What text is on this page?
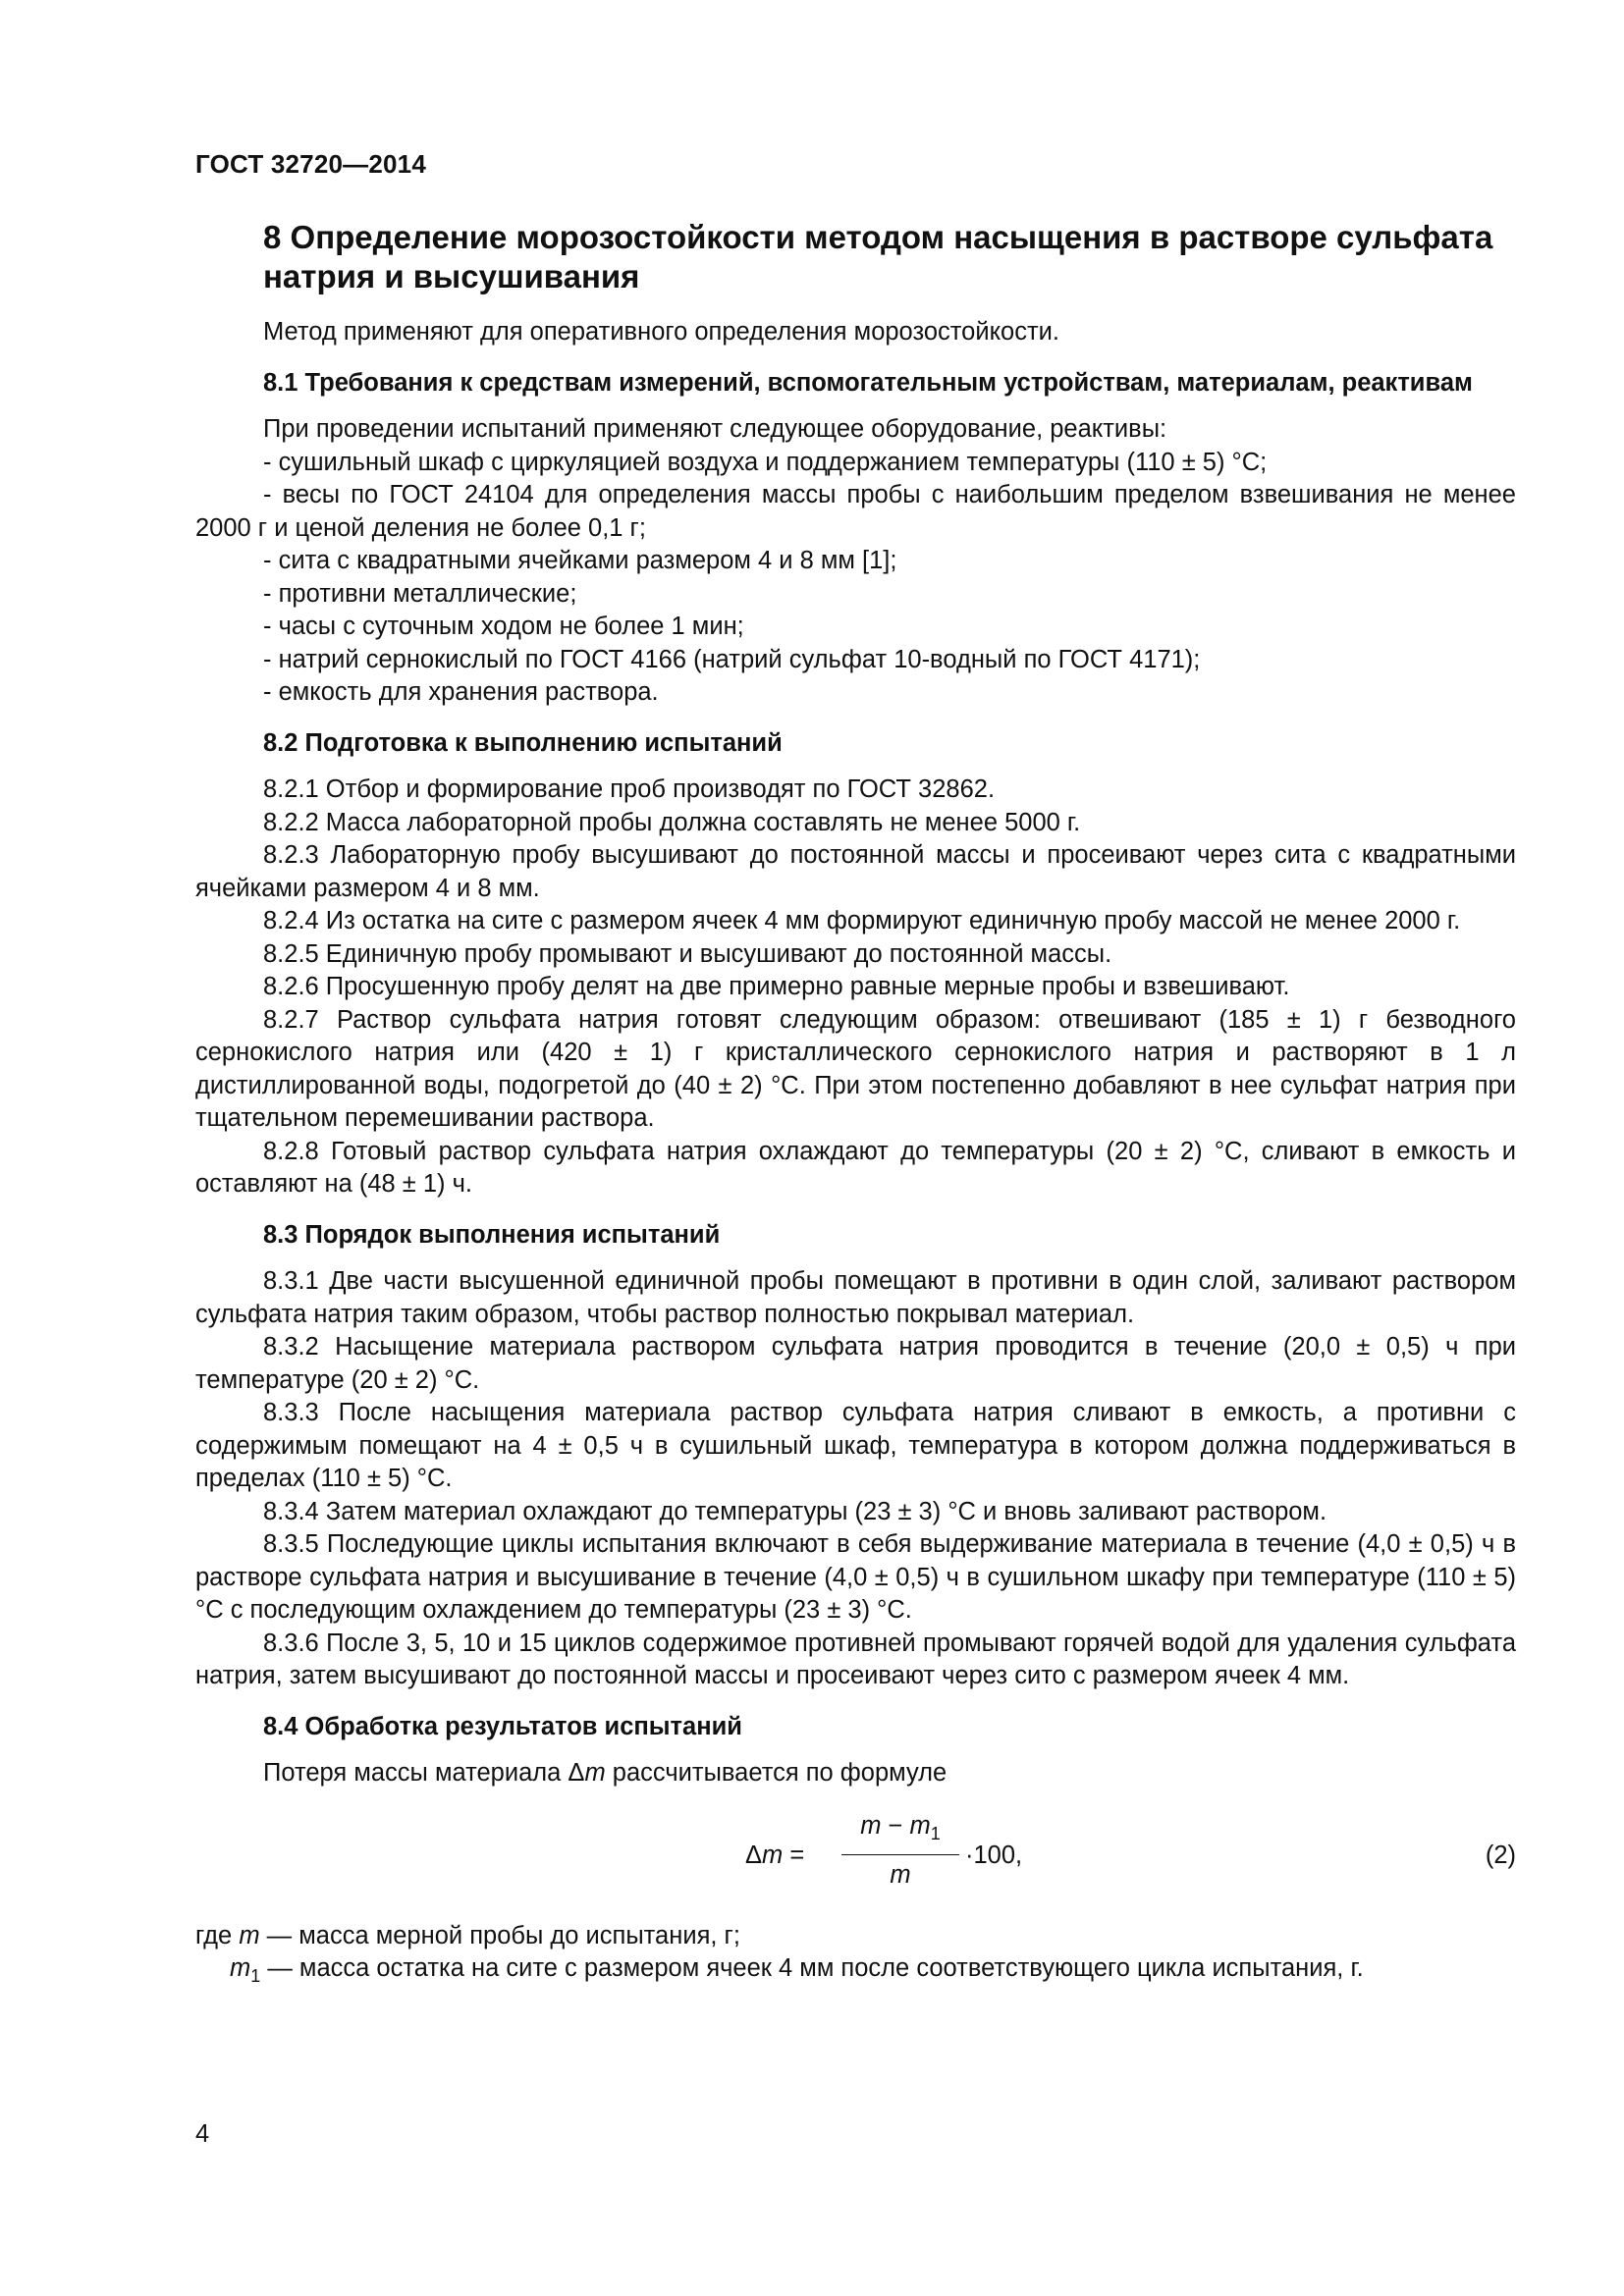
ГОСТ 32720—2014
8 Определение морозостойкости методом насыщения в растворе сульфата натрия и высушивания

Метод применяют для оперативного определения морозостойкости.

8.1 Требования к средствам измерений, вспомогательным устройствам, материалам, реактивам

При проведении испытаний применяют следующее оборудование, реактивы:

- сушильный шкаф с циркуляцией воздуха и поддержанием температуры (110 ± 5) °С;

- весы по ГОСТ 24104 для определения массы пробы с наибольшим пределом взвешивания не менее 2000 г и ценой деления не более 0,1 г;

- сита с квадратными ячейками размером 4 и 8 мм [1];

- противни металлические;

- часы с суточным ходом не более 1 мин;

- натрий сернокислый по ГОСТ 4166 (натрий сульфат 10-водный по ГОСТ 4171);

- емкость для хранения раствора.

8.2 Подготовка к выполнению испытаний

8.2.1 Отбор и формирование проб производят по ГОСТ 32862.

8.2.2 Масса лабораторной пробы должна составлять не менее 5000 г.

8.2.3 Лабораторную пробу высушивают до постоянной массы и просеивают через сита с квадратными ячейками размером 4 и 8 мм.

8.2.4 Из остатка на сите с размером ячеек 4 мм формируют единичную пробу массой не менее 2000 г.

8.2.5 Единичную пробу промывают и высушивают до постоянной массы.

8.2.6 Просушенную пробу делят на две примерно равные мерные пробы и взвешивают.

8.2.7 Раствор сульфата натрия готовят следующим образом: отвешивают (185 ± 1) г безводного сернокислого натрия или (420 ± 1) г кристаллического сернокислого натрия и растворяют в 1 л дистиллированной воды, подогретой до (40 ± 2) °С. При этом постепенно добавляют в нее сульфат натрия при тщательном перемешивании раствора.

8.2.8 Готовый раствор сульфата натрия охлаждают до температуры (20 ± 2) °С, сливают в емкость и оставляют на (48 ± 1) ч.

8.3 Порядок выполнения испытаний

8.3.1 Две части высушенной единичной пробы помещают в противни в один слой, заливают раствором сульфата натрия таким образом, чтобы раствор полностью покрывал материал.

8.3.2 Насыщение материала раствором сульфата натрия проводится в течение (20,0 ± 0,5) ч при температуре (20 ± 2) °С.

8.3.3 После насыщения материала раствор сульфата натрия сливают в емкость, а противни с содержимым помещают на 4 ± 0,5 ч в сушильный шкаф, температура в котором должна поддерживаться в пределах (110 ± 5) °С.

8.3.4 Затем материал охлаждают до температуры (23 ± 3) °С и вновь заливают раствором.

8.3.5 Последующие циклы испытания включают в себя выдерживание материала в течение (4,0 ± 0,5) ч в растворе сульфата натрия и высушивание в течение (4,0 ± 0,5) ч в сушильном шкафу при температуре (110 ± 5) °С с последующим охлаждением до температуры (23 ± 3) °С.

8.3.6 После 3, 5, 10 и 15 циклов содержимое противней промывают горячей водой для удаления сульфата натрия, затем высушивают до постоянной массы и просеивают через сито с размером ячеек 4 мм.

8.4 Обработка результатов испытаний

Потеря массы материала Δm рассчитывается по формуле

$\Delta m = \frac{m - m_1}{m} \cdot 100$,	(2)

где m — масса мерной пробы до испытания, г;

$m_1$ — масса остатка на сите с размером ячеек 4 мм после соответствующего цикла испытания, г.

4
